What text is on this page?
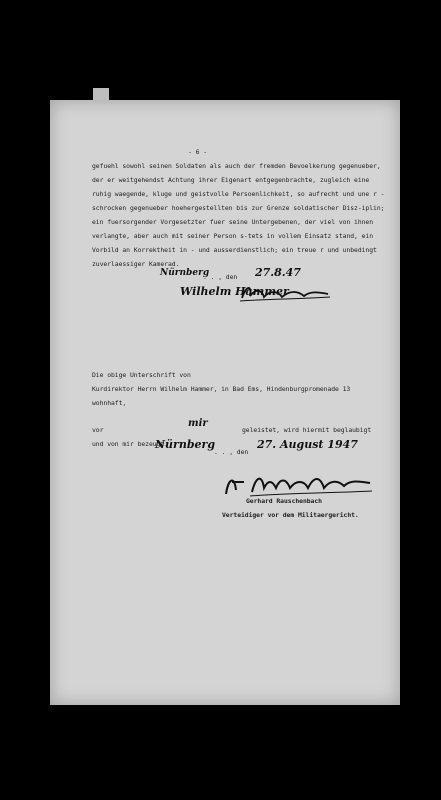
- 6 -
gefuehl sowohl seinen Soldaten als auch der fremden Bevoelkerung gegenueber,
der er weitgehendst Achtung ihrer Eigenart entgegenbrachte, zugleich eine
ruhig waegende, kluge und geistvolle Persoenlichkeit, so aufrecht und une r -
schrocken gegenueber hoehergestellten bis zur Grenze soldatischer Disz-iplin;
ein fuersorgender Vorgesetzter fuer seine Untergebenen, der viel von ihnen
verlangte, aber auch mit seiner Person s-tets in vollem Einsatz stand, ein
Vorbild an Korrektheit in - und ausserdienstlich; ein treue r und unbedingt
zuverlaessiger Kamerad.
Nürnberg
. . , den 27.8.47
Wilhelm Hammer
Die obige Unterschrift von
Kurdirektor Herrn Wilhelm Hammer, in Bad Ems, Hindenburgpromenade 13
wohnhaft,
vor
mir
geleistet, wird hiermit beglaubigt
und von mir bezeugt.
Nürnberg
. . , den
27. August 1947
Gerhard Rauschenbach
Verteidiger vor dem Militaergericht.
